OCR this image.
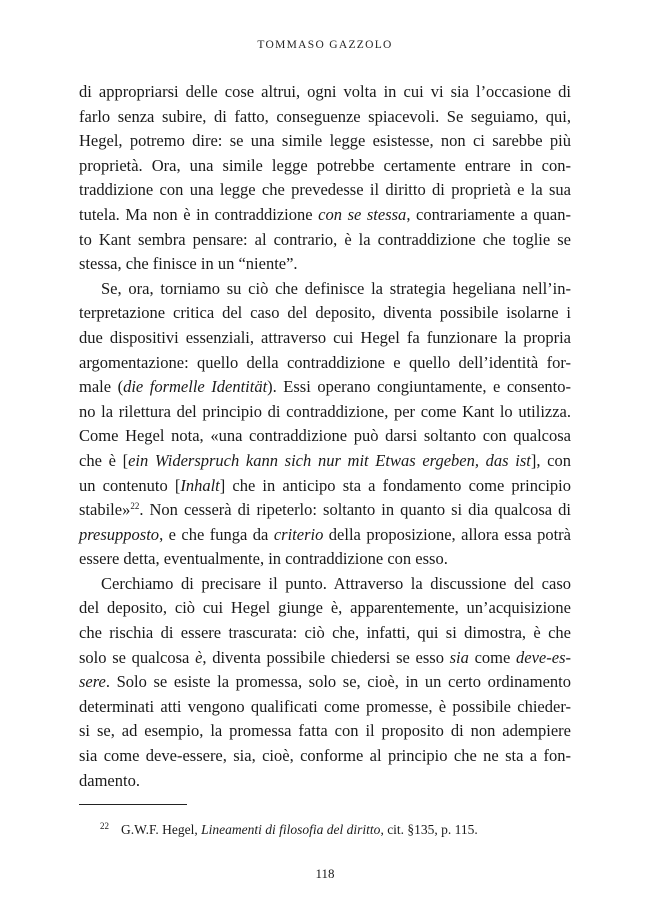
TOMMASO GAZZOLO
di appropriarsi delle cose altrui, ogni volta in cui vi sia l’occasione di
farlo senza subire, di fatto, conseguenze spiacevoli. Se seguiamo, qui,
Hegel, potremo dire: se una simile legge esistesse, non ci sarebbe più
proprietà. Ora, una simile legge potrebbe certamente entrare in con-
traddizione con una legge che prevedesse il diritto di proprietà e la sua
tutela. Ma non è in contraddizione con se stessa, contrariamente a quan-
to Kant sembra pensare: al contrario, è la contraddizione che toglie se
stessa, che finisce in un “niente”.
Se, ora, torniamo su ciò che definisce la strategia hegeliana nell’in-
terpretazione critica del caso del deposito, diventa possibile isolarne i
due dispositivi essenziali, attraverso cui Hegel fa funzionare la propria
argomentazione: quello della contraddizione e quello dell’identità for-
male (die formelle Identität). Essi operano congiuntamente, e consento-
no la rilettura del principio di contraddizione, per come Kant lo utilizza.
Come Hegel nota, «una contraddizione può darsi soltanto con qualcosa
che è [ein Widerspruch kann sich nur mit Etwas ergeben, das ist], con
un contenuto [Inhalt] che in anticipo sta a fondamento come principio
stabile»$^{22}$. Non cesserà di ripeterlo: soltanto in quanto si dia qualcosa di
presupposto, e che funga da criterio della proposizione, allora essa potrà
essere detta, eventualmente, in contraddizione con esso.
Cerchiamo di precisare il punto. Attraverso la discussione del caso
del deposito, ciò cui Hegel giunge è, apparentemente, un’acquisizione
che rischia di essere trascurata: ciò che, infatti, qui si dimostra, è che
solo se qualcosa è, diventa possibile chiedersi se esso sia come deve-es-
sere. Solo se esiste la promessa, solo se, cioè, in un certo ordinamento
determinati atti vengono qualificati come promesse, è possibile chieder-
si se, ad esempio, la promessa fatta con il proposito di non adempiere
sia come deve-essere, sia, cioè, conforme al principio che ne sta a fon-
damento.
$^{22}$ G.W.F. Hegel, Lineamenti di filosofia del diritto, cit. §135, p. 115.
118
